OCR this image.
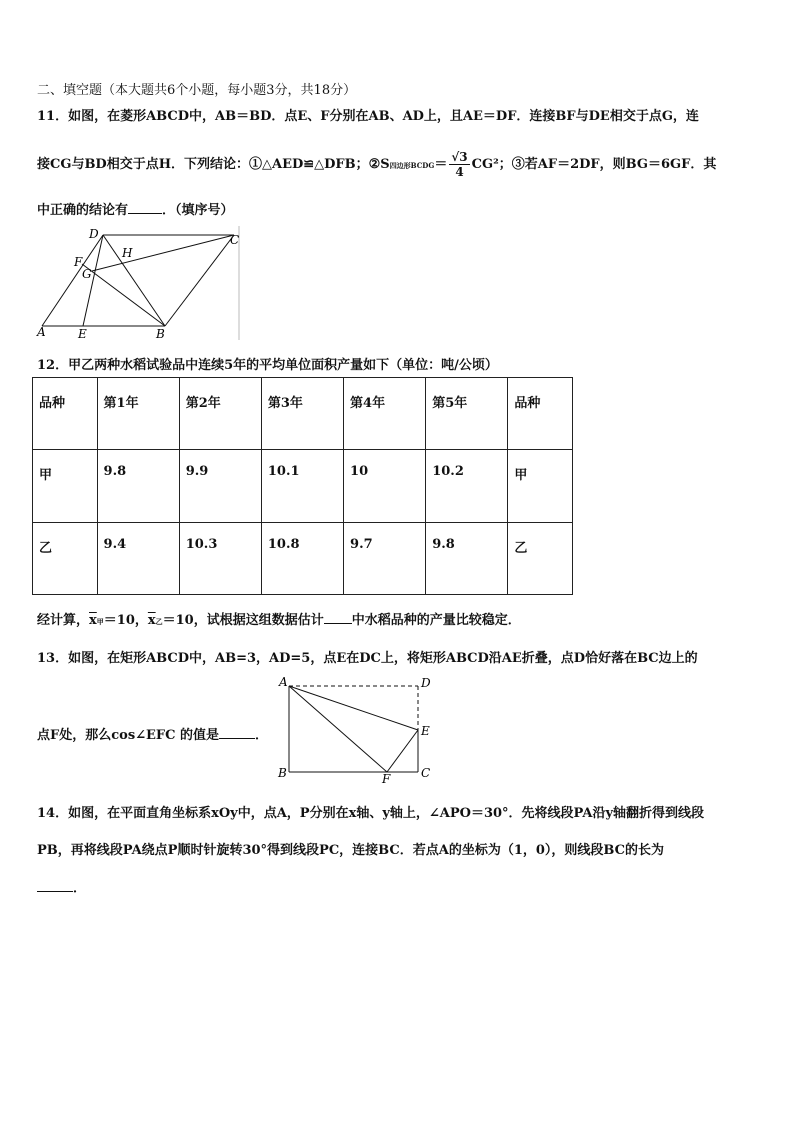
二、填空题（本大题共6个小题，每小题3分，共18分）
11．如图，在菱形ABCD中，AB＝BD．点E、F分别在AB、AD上，且AE＝DF．连接BF与DE相交于点G，连
接CG与BD相交于点H．下列结论：①△AED≌△DFB；②S四边形BCDG＝ $\frac{√3}{4} CG^2$；③若AF＝2DF，则BG＝6GF．其
中正确的结论有	．（填序号）
D	C
H
F
G
A	E	B
12．甲乙两种水稻试验品中连续5年的平均单位面积产量如下（单位：吨/公顷）
品种	第1年	第2年	第3年	第4年	第5年	品种
甲	9.8	9.9	10.1	10	10.2	甲
乙	9.4	10.3	10.8	9.7	9.8	乙
经计算，$\overline{x}$甲＝10，$\overline{x}$乙＝10，试根据这组数据估计 中水稻品种的产量比较稳定．
13．如图，在矩形ABCD中，AB=3，AD=5，点E在DC上，将矩形ABCD沿AE折叠，点D恰好落在BC边上的
点F处，那么cos∠EFC 的值是	．
A	D
E
B	F	C
14．如图，在平面直角坐标系xOy中，点A，P分别在x轴、y轴上，∠APO＝30°．先将线段PA沿y轴翻折得到线段
PB，再将线段PA绕点P顺时针旋转30°得到线段PC，连接BC．若点A的坐标为（1，0），则线段BC的长为
．
